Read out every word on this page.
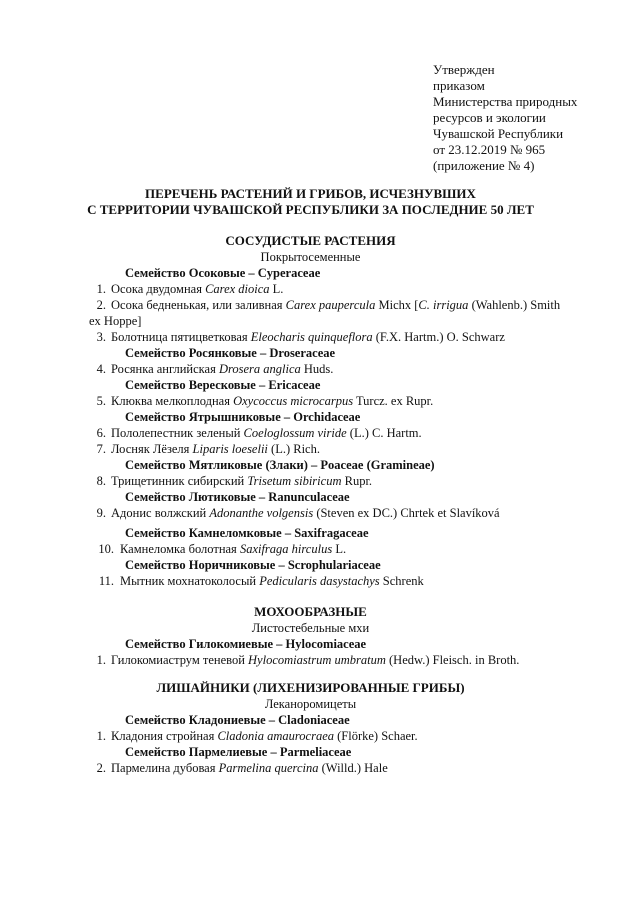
Утвержден
приказом
Министерства природных
ресурсов и экологии
Чувашской Республики
от 23.12.2019 № 965
(приложение № 4)
ПЕРЕЧЕНЬ РАСТЕНИЙ И ГРИБОВ, ИСЧЕЗНУВШИХ
С ТЕРРИТОРИИ ЧУВАШСКОЙ РЕСПУБЛИКИ ЗА ПОСЛЕДНИЕ 50 ЛЕТ
СОСУДИСТЫЕ РАСТЕНИЯ
Покрытосеменные
Семейство Осоковые – Cyperaceae
1. Осока двудомная Carex dioica L.
2. Осока бедненькая, или заливная Carex paupercula Michx [C. irrigua (Wahlenb.) Smith
ex Hoppe]
3. Болотница пятицветковая Eleocharis quinqueflora (F.X. Hartm.) O. Schwarz
Семейство Росянковые – Droseraceae
4. Росянка английская Drosera anglica Huds.
Семейство Вересковые – Ericaceae
5. Клюква мелкоплодная Oxycoccus microcarpus Turcz. ex Rupr.
Семейство Ятрышниковые – Orchidaceae
6. Пололепестник зеленый Coeloglossum viride (L.) C. Hartm.
7. Лосняк Лёзеля Liparis loeselii (L.) Rich.
Семейство Мятликовые (Злаки) – Poaceae (Gramineae)
8. Трищетинник сибирский Trisetum sibiricum Rupr.
Семейство Лютиковые – Ranunculaceae
9. Адонис волжский Adonanthe volgensis (Steven ex DC.) Chrtek et Slavíková
Семейство Камнеломковые – Saxifragaceae
10. Камнеломка болотная Saxifraga hirculus L.
Семейство Норичниковые – Scrophulariaceae
11. Мытник мохнатоколосый Pedicularis dasystachys Schrenk
МОХООБРАЗНЫЕ
Листостебельные мхи
Семейство Гилокомиевые – Hylocomiaceae
1. Гилокомиаструм теневой Hylocomiastrum umbratum (Hedw.) Fleisch. in Broth.
ЛИШАЙНИКИ (ЛИХЕНИЗИРОВАННЫЕ ГРИБЫ)
Леканоромицеты
Семейство Кладониевые – Cladoniaceae
1. Кладония стройная Cladonia amaurocraea (Flörke) Schaer.
Семейство Пармелиевые – Parmeliaceae
2. Пармелина дубовая Parmelina quercina (Willd.) Hale
